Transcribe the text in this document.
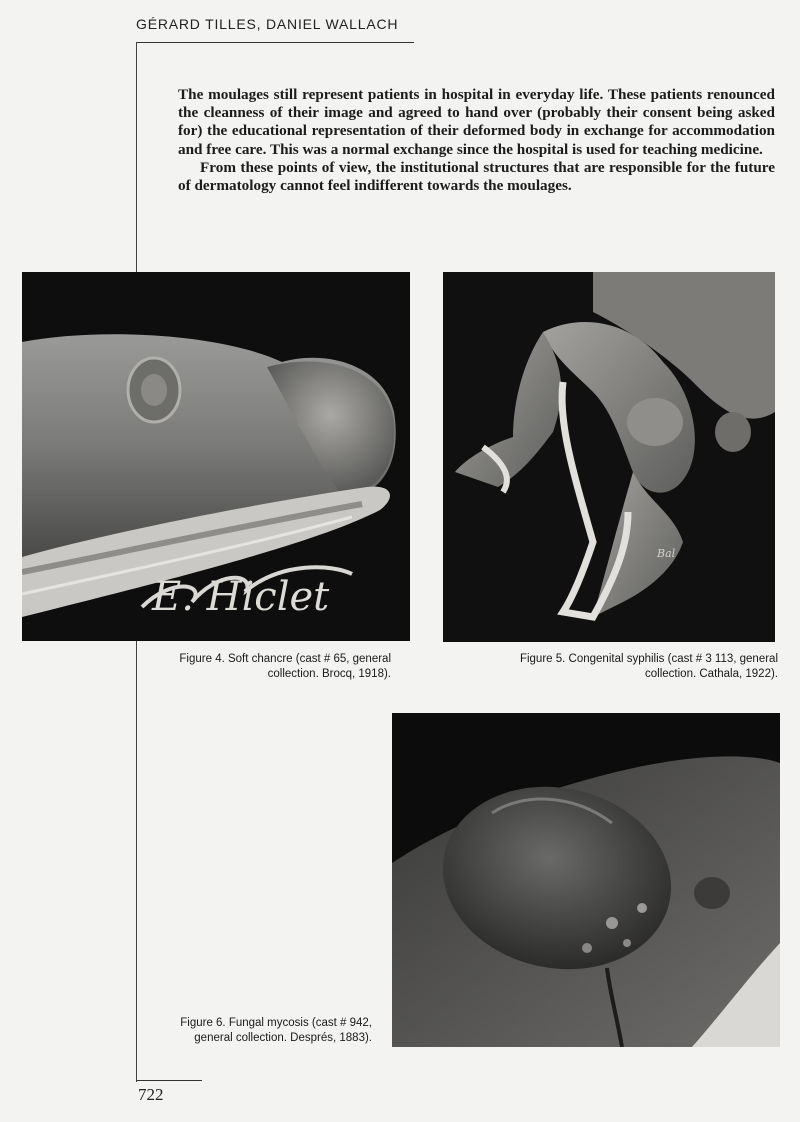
GÉRARD TILLES, DANIEL WALLACH

The moulages still represent patients in hospital in everyday life. These patients renounced the cleanness of their image and agreed to hand over (probably their consent being asked for) the educational representation of their deformed body in exchange for accommodation and free care. This was a normal exchange since the hospital is used for teaching medicine.

From these points of view, the institutional structures that are responsible for the future of dermatology cannot feel indifferent towards the moulages.

E. Hiclet
Figure 4. Soft chancre (cast # 65, general collection. Brocq, 1918).
Bal
Figure 5. Congenital syphilis (cast # 3 113, general collection. Cathala, 1922).
Figure 6. Fungal mycosis (cast # 942, general collection. Després, 1883).
722
